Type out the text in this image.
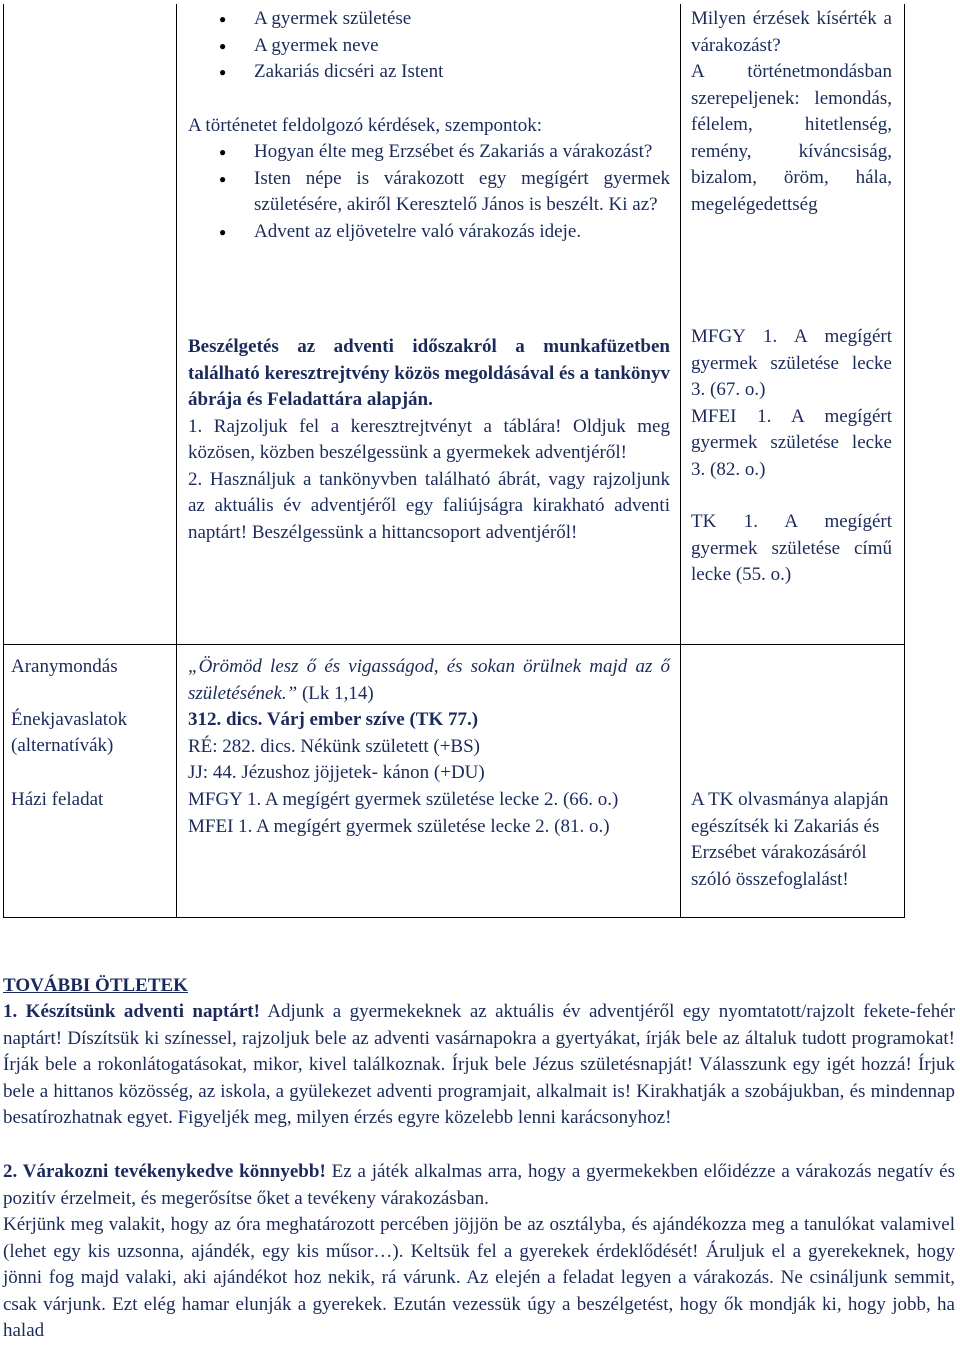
● A gyermek születése
● A gyermek neve
● Zakariás dicséri az Istent
A történetet feldolgozó kérdések, szempontok:
● Hogyan élte meg Erzsébet és Zakariás a várakozást?
● Isten népe is várakozott egy megígért gyermek születésére, akiről Keresztelő János is beszélt. Ki az?
● Advent az eljövetelre való várakozás ideje.
Milyen érzések kísérték a várakozást?
A történetmondásban szerepeljenek: lemondás, félelem, hitetlenség, remény, kíváncsiság, bizalom, öröm, hála, megelégedettség
Beszélgetés az adventi időszakról a munkafüzetben található keresztrejtvény közös megoldásával és a tankönyv ábrája és Feladattára alapján.
1. Rajzoljuk fel a keresztrejtvényt a táblára! Oldjuk meg közösen, közben beszélgessünk a gyermekek adventjéről!
2. Használjuk a tankönyvben található ábrát, vagy rajzoljunk az aktuális év adventjéről egy faliújságra kirakható adventi naptárt! Beszélgessünk a hittancsoport adventjéről!
MFGY 1. A megígért gyermek születése lecke 3. (67. o.)
MFEI 1. A megígért gyermek születése lecke 3. (82. o.)
TK 1. A megígért gyermek születése című lecke (55. o.)
Aranymondás
Énekjavaslatok
(alternatívák)
Házi feladat
„Örömöd lesz ő és vigasságod, és sokan örülnek majd az ő születésének.” (Lk 1,14)
312. dics. Várj ember szíve (TK 77.)
RÉ: 282. dics. Nékünk született (+BS)
JJ: 44. Jézushoz jöjjetek- kánon (+DU)
MFGY 1. A megígért gyermek születése lecke 2. (66. o.)
MFEI 1. A megígért gyermek születése lecke 2. (81. o.)
A TK olvasmánya alapján egészítsék ki Zakariás és Erzsébet várakozásáról szóló összefoglalást!
TOVÁBBI ÖTLETEK
1. Készítsünk adventi naptárt! Adjunk a gyermekeknek az aktuális év adventjéről egy nyomtatott/rajzolt fekete-fehér naptárt! Díszítsük ki színessel, rajzoljuk bele az adventi vasárnapokra a gyertyákat, írják bele az általuk tudott programokat! Írják bele a rokonlátogatásokat, mikor, kivel találkoznak. Írjuk bele Jézus születésnapját! Válasszunk egy igét hozzá! Írjuk bele a hittanos közösség, az iskola, a gyülekezet adventi programjait, alkalmait is! Kirakhatják a szobájukban, és mindennap besatírozhatnak egyet. Figyeljék meg, milyen érzés egyre közelebb lenni karácsonyhoz!
2. Várakozni tevékenykedve könnyebb! Ez a játék alkalmas arra, hogy a gyermekekben előidézze a várakozás negatív és pozitív érzelmeit, és megerősítse őket a tevékeny várakozásban.
Kérjünk meg valakit, hogy az óra meghatározott percében jöjjön be az osztályba, és ajándékozza meg a tanulókat valamivel (lehet egy kis uzsonna, ajándék, egy kis műsor…). Keltsük fel a gyerekek érdeklődését! Áruljuk el a gyerekeknek, hogy jönni fog majd valaki, aki ajándékot hoz nekik, rá várunk. Az elején a feladat legyen a várakozás. Ne csináljunk semmit, csak várjunk. Ezt elég hamar elunják a gyerekek. Ezután vezessük úgy a beszélgetést, hogy ők mondják ki, hogy jobb, ha halad
